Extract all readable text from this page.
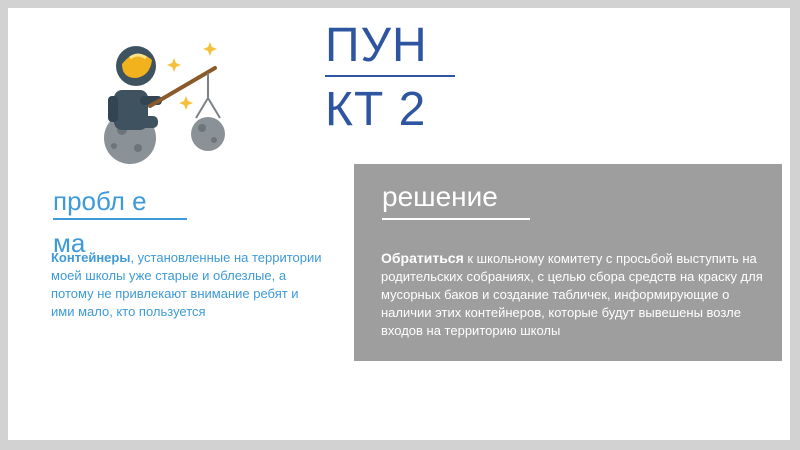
ПУН
КТ 2
пробл ема
Контейнеры, установленные на территории моей школы уже старые и облезлые, а потому не привлекают внимание ребят и ими мало, кто пользуется
решение
Обратиться к школьному комитету с просьбой выступить на родительских собраниях, с целью сбора средств на краску для мусорных баков и создание табличек, информирующие о наличии этих контейнеров, которые будут вывешены возле входов на территорию школы
